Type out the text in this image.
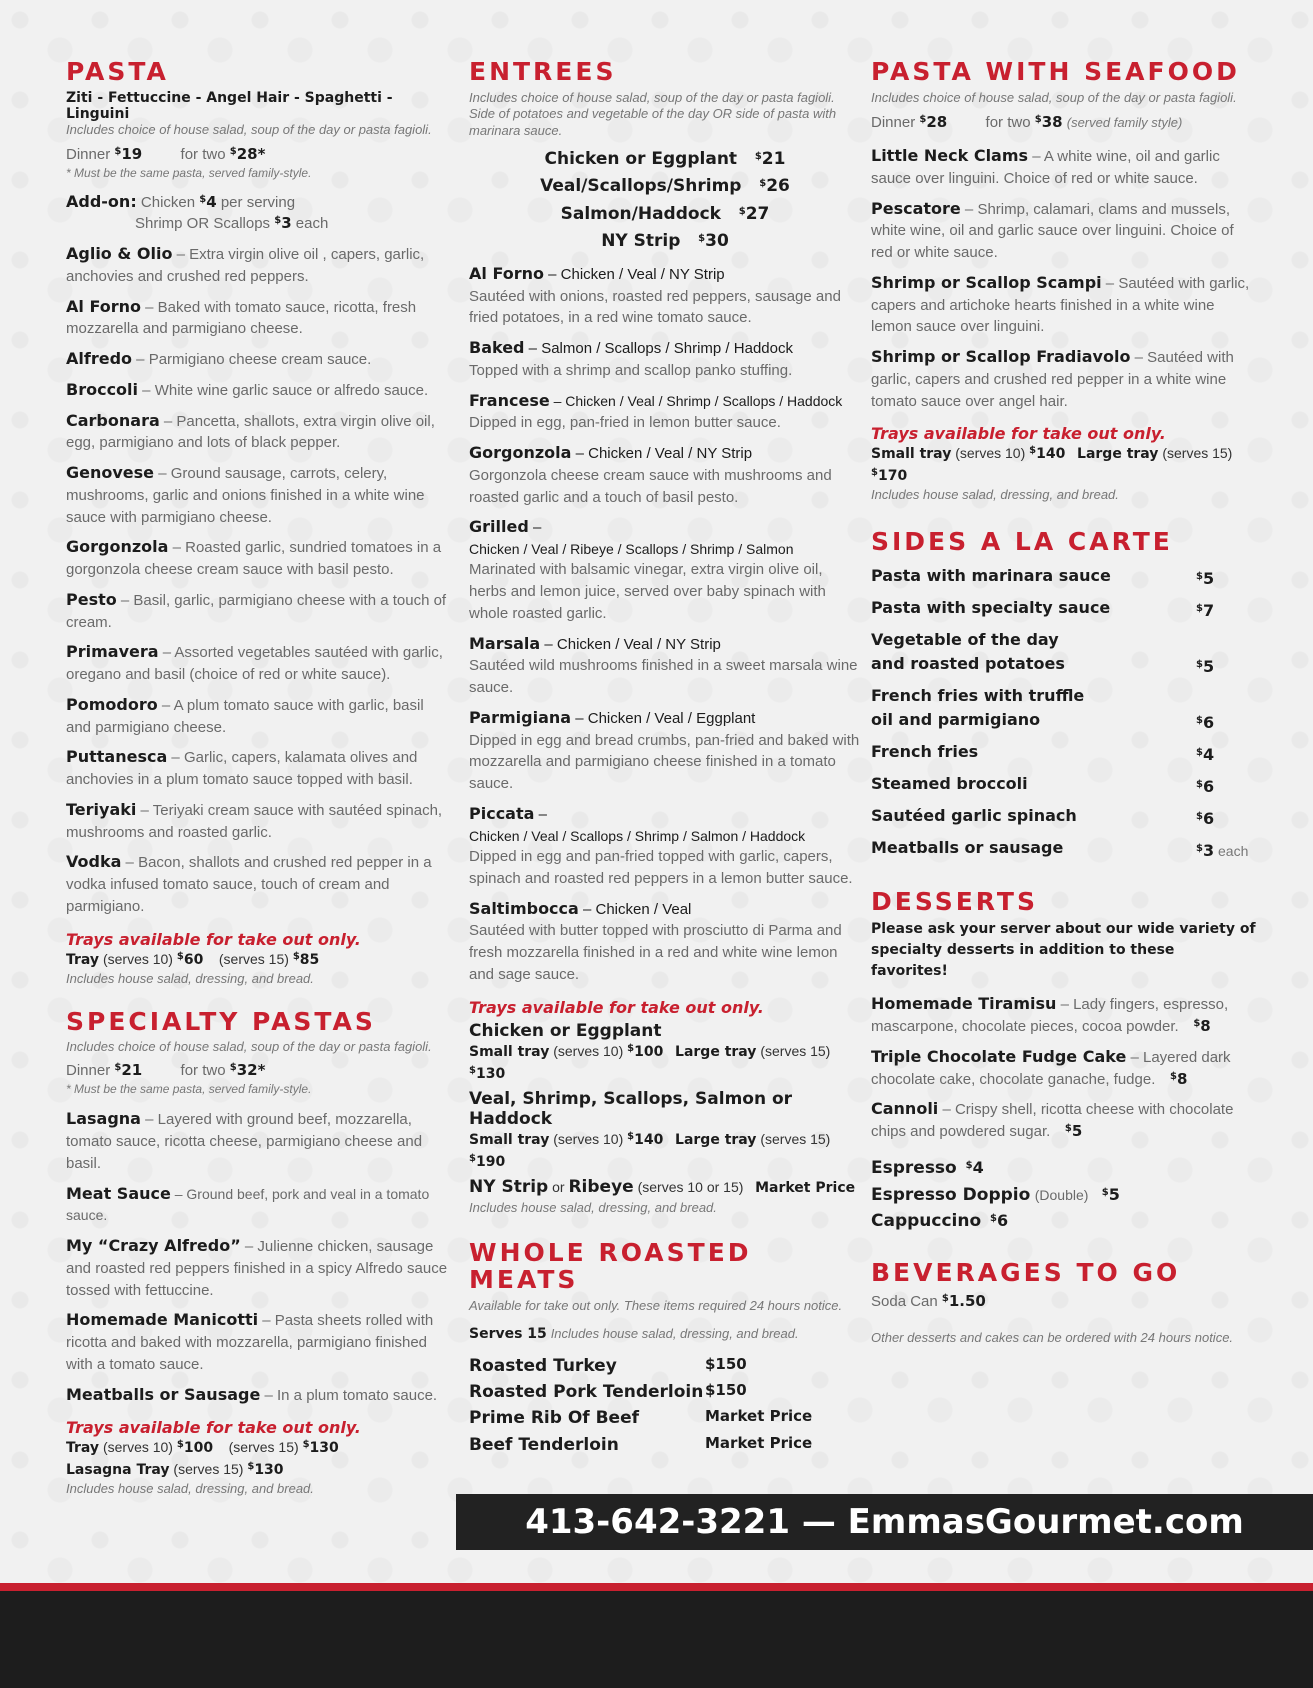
PASTA
Ziti - Fettuccine - Angel Hair - Spaghetti - Linguini
Includes choice of house salad, soup of the day or pasta fagioli.
Dinner $19	for two $28*
* Must be the same pasta, served family-style.
Add-on: Chicken $4 per serving
Shrimp OR Scallops $3 each
Aglio & Olio – Extra virgin olive oil , capers, garlic, anchovies and crushed red peppers.
Al Forno – Baked with tomato sauce, ricotta, fresh mozzarella and parmigiano cheese.
Alfredo – Parmigiano cheese cream sauce.
Broccoli – White wine garlic sauce or alfredo sauce.
Carbonara – Pancetta, shallots, extra virgin olive oil, egg, parmigiano and lots of black pepper.
Genovese – Ground sausage, carrots, celery, mushrooms, garlic and onions finished in a white wine sauce with parmigiano cheese.
Gorgonzola – Roasted garlic, sundried tomatoes in a gorgonzola cheese cream sauce with basil pesto.
Pesto – Basil, garlic, parmigiano cheese with a touch of cream.
Primavera – Assorted vegetables sautéed with garlic, oregano and basil (choice of red or white sauce).
Pomodoro – A plum tomato sauce with garlic, basil and parmigiano cheese.
Puttanesca – Garlic, capers, kalamata olives and anchovies in a plum tomato sauce topped with basil.
Teriyaki – Teriyaki cream sauce with sautéed spinach, mushrooms and roasted garlic.
Vodka – Bacon, shallots and crushed red pepper in a vodka infused tomato sauce, touch of cream and parmigiano.
Trays available for take out only.
Tray (serves 10) $60 (serves 15) $85
Includes house salad, dressing, and bread.
SPECIALTY PASTAS
Includes choice of house salad, soup of the day or pasta fagioli.
Dinner $21	for two $32*
* Must be the same pasta, served family-style.
Lasagna – Layered with ground beef, mozzarella, tomato sauce, ricotta cheese, parmigiano cheese and basil.
Meat Sauce – Ground beef, pork and veal in a tomato sauce.
My “Crazy Alfredo” – Julienne chicken, sausage and roasted red peppers finished in a spicy Alfredo sauce tossed with fettuccine.
Homemade Manicotti – Pasta sheets rolled with ricotta and baked with mozzarella, parmigiano finished with a tomato sauce.
Meatballs or Sausage – In a plum tomato sauce.
Trays available for take out only.
Tray (serves 10) $100 (serves 15) $130
Lasagna Tray (serves 15) $130
Includes house salad, dressing, and bread.
ENTREES
Includes choice of house salad, soup of the day or pasta fagioli. Side of potatoes and vegetable of the day OR side of pasta with marinara sauce.
Chicken or Eggplant $21
Veal/Scallops/Shrimp $26
Salmon/Haddock $27
NY Strip $30
Al Forno – Chicken / Veal / NY Strip
Sautéed with onions, roasted red peppers, sausage and fried potatoes, in a red wine tomato sauce.
Baked – Salmon / Scallops / Shrimp / Haddock
Topped with a shrimp and scallop panko stuffing.
Francese – Chicken / Veal / Shrimp / Scallops / Haddock
Dipped in egg, pan-fried in lemon butter sauce.
Gorgonzola – Chicken / Veal / NY Strip
Gorgonzola cheese cream sauce with mushrooms and roasted garlic and a touch of basil pesto.
Grilled –
Chicken / Veal / Ribeye / Scallops / Shrimp / Salmon
Marinated with balsamic vinegar, extra virgin olive oil, herbs and lemon juice, served over baby spinach with whole roasted garlic.
Marsala – Chicken / Veal / NY Strip
Sautéed wild mushrooms finished in a sweet marsala wine sauce.
Parmigiana – Chicken / Veal / Eggplant
Dipped in egg and bread crumbs, pan-fried and baked with mozzarella and parmigiano cheese finished in a tomato sauce.
Piccata –
Chicken / Veal / Scallops / Shrimp / Salmon / Haddock
Dipped in egg and pan-fried topped with garlic, capers, spinach and roasted red peppers in a lemon butter sauce.
Saltimbocca – Chicken / Veal
Sautéed with butter topped with prosciutto di Parma and fresh mozzarella finished in a red and white wine lemon and sage sauce.
Trays available for take out only.
Chicken or Eggplant
Small tray (serves 10) $100 Large tray (serves 15) $130
Veal, Shrimp, Scallops, Salmon or Haddock
Small tray (serves 10) $140 Large tray (serves 15) $190
NY Strip or Ribeye (serves 10 or 15) Market Price
Includes house salad, dressing, and bread.
WHOLE ROASTED MEATS
Available for take out only. These items required 24 hours notice.
Serves 15 Includes house salad, dressing, and bread.
Roasted Turkey	$150
Roasted Pork Tenderloin $150
Prime Rib Of Beef	Market Price
Beef Tenderloin	Market Price
PASTA WITH SEAFOOD
Includes choice of house salad, soup of the day or pasta fagioli.
Dinner $28	for two $38 (served family style)
Little Neck Clams – A white wine, oil and garlic sauce over linguini. Choice of red or white sauce.
Pescatore – Shrimp, calamari, clams and mussels, white wine, oil and garlic sauce over linguini. Choice of red or white sauce.
Shrimp or Scallop Scampi – Sautéed with garlic, capers and artichoke hearts finished in a white wine lemon sauce over linguini.
Shrimp or Scallop Fradiavolo – Sautéed with garlic, capers and crushed red pepper in a white wine tomato sauce over angel hair.
Trays available for take out only.
Small tray (serves 10) $140 Large tray (serves 15) $170
Includes house salad, dressing, and bread.
SIDES A LA CARTE
Pasta with marinara sauce	$5
Pasta with specialty sauce	$7
Vegetable of the day and roasted potatoes	$5
French fries with truffle oil and parmigiano	$6
French fries	$4
Steamed broccoli	$6
Sautéed garlic spinach	$6
Meatballs or sausage	$3 each
DESSERTS
Please ask your server about our wide variety of specialty desserts in addition to these favorites!
Homemade Tiramisu – Lady fingers, espresso, mascarpone, chocolate pieces, cocoa powder. $8
Triple Chocolate Fudge Cake – Layered dark chocolate cake, chocolate ganache, fudge. $8
Cannoli – Crispy shell, ricotta cheese with chocolate chips and powdered sugar. $5
Espresso $4
Espresso Doppio (Double) $5
Cappuccino $6
BEVERAGES TO GO
Soda Can $1.50
Other desserts and cakes can be ordered with 24 hours notice.
413-642-3221 — EmmasGourmet.com
